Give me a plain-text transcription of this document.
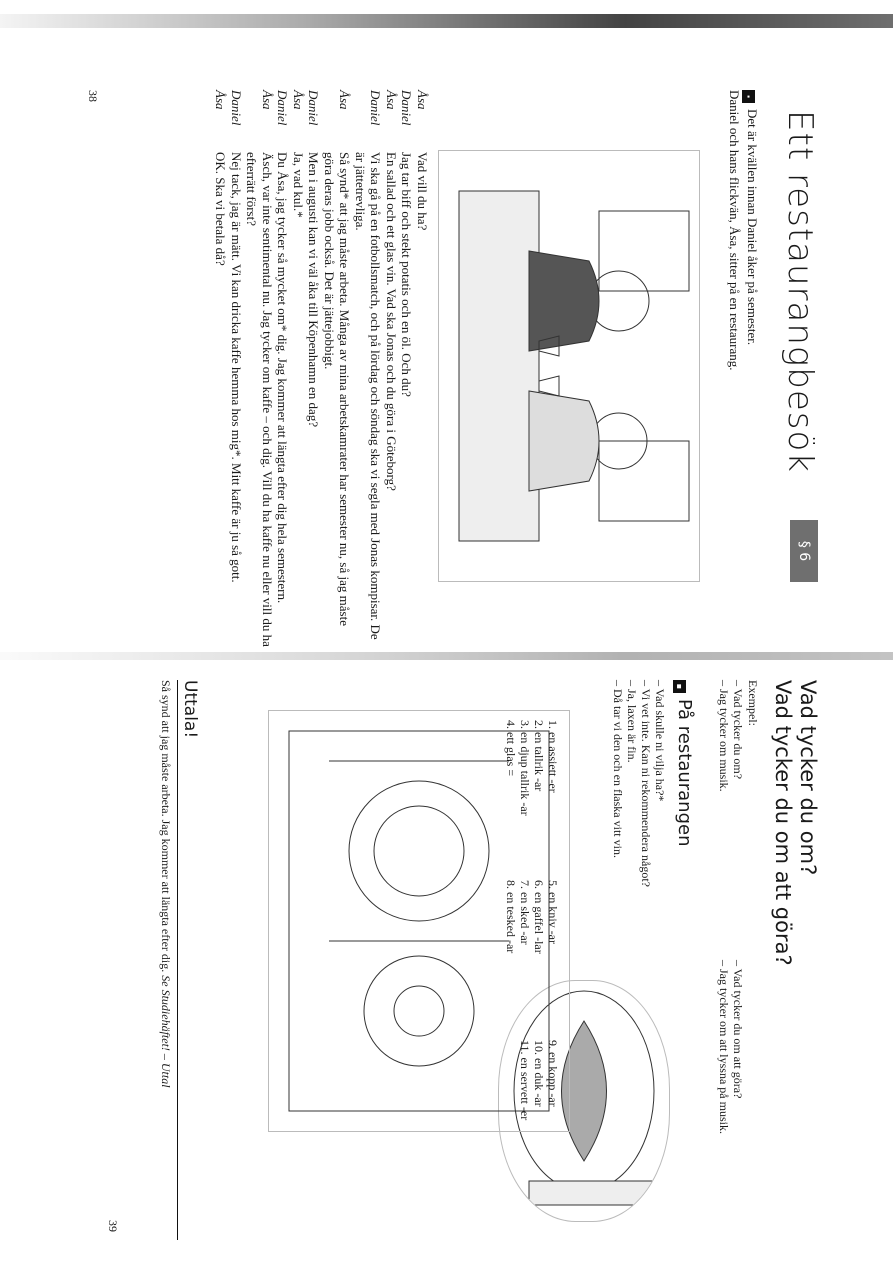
Ett restaurangbesök
§ 6
▪Det är kvällen innan Daniel åker på semester.
Daniel och hans flickvän, Åsa, sitter på en restaurang.
Åsa
Vad vill du ha?
Daniel
Jag tar biff och stekt potatis och en öl. Och du?
Åsa
En sallad och ett glas vin. Vad ska Jonas och du göra i Göteborg?
Daniel
Vi ska gå på en fotbollsmatch, och på lördag och söndag ska vi segla med Jonas kompisar. De är jättetrevliga.
Åsa
Så synd* att jag måste arbeta. Många av mina arbetskamrater har semester nu, så jag måste göra deras jobb också. Det är jättejobbigt.
Daniel
Men i augusti kan vi väl åka till Köpenhamn en dag?
Åsa
Ja, vad kul.*
Daniel
Du Åsa, jag tycker så mycket om* dig. Jag kommer att längta efter dig hela semestern.
Åsa
Äsch, var inte sentimental nu. Jag tycker om kaffe – och dig. Vill du ha kaffe nu eller vill du ha efterrätt först?
Daniel
Nej tack, jag är mätt. Vi kan dricka kaffe hemma hos mig*. Mitt kaffe är ju så gott.
Åsa
OK. Ska vi betala då?
38
Vad tycker du om?
Vad tycker du om att göra?
Exempel:
– Vad tycker du om?
– Jag tycker om musik.
– Vad tycker du om att göra?
– Jag tycker om att lyssna på musik.
▪På restaurangen
– Vad skulle ni vilja ha?*
– Vi vet inte. Kan ni rekommendera något?
– Ja, laxen är fin.
– Då tar vi den och en flaska vitt vin.
1. en assiett -er
5. en kniv -ar
9. en kopp -ar
2. en tallrik -ar
6. en gaffel -lar
10. en duk -ar
3. en djup tallrik -ar
7. en sked -ar
11. en servett -er
4. ett glas =
8. en tesked -ar
Uttala!
Så synd att jag måste arbeta. Jag kommer att längta efter dig. Se Studiehäftet! – Uttal
39
